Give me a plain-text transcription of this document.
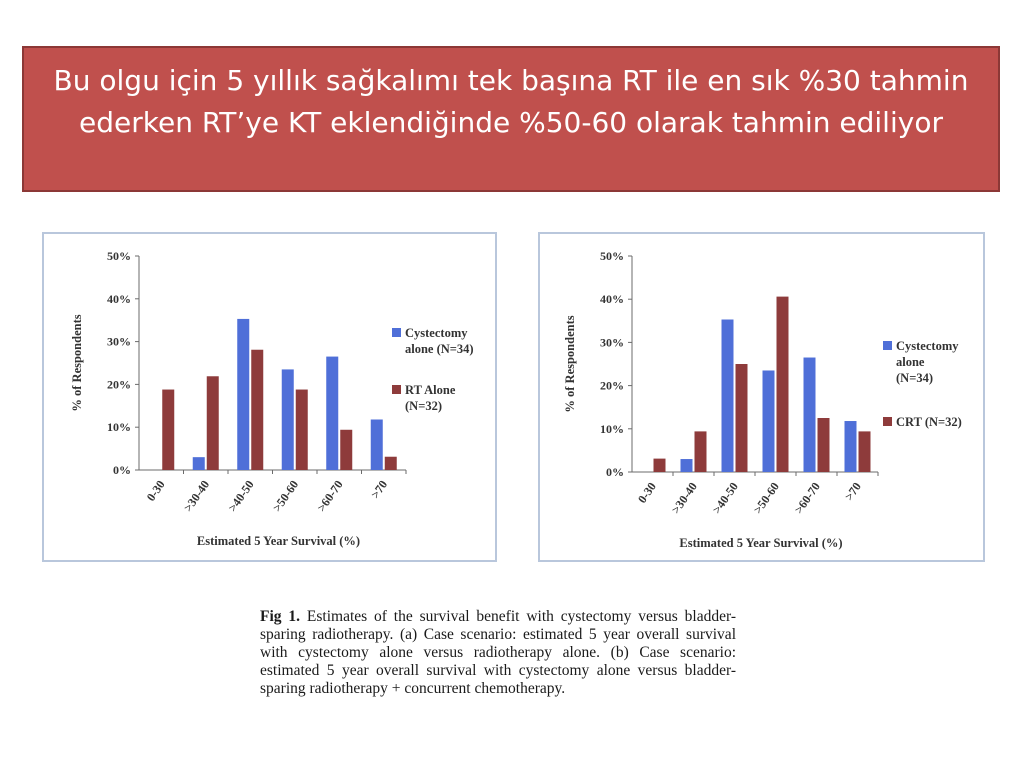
Bu olgu için 5 yıllık sağkalımı tek başına RT ile en sık %30 tahmin ederken RT’ye KT eklendiğinde %50-60 olarak tahmin ediliyor
0%
10%
20%
30%
40%
50%
% of Respondents
0-30 >30-40 >40-50 >50-60 >60-70 >70
Estimated 5 Year Survival (%)
Cystectomy
alone (N=34)
RT Alone
(N=32)
0%
10%
20%
30%
40%
50%
% of Respondents
0-30 >30-40 >40-50 >50-60 >60-70 >70
Estimated 5 Year Survival (%)
Cystectomy
alone
(N=34)
CRT (N=32)
Fig 1. Estimates of the survival benefit with cystectomy versus bladder-sparing radiotherapy. (a) Case scenario: estimated 5 year overall survival with cystectomy alone versus radiotherapy alone. (b) Case scenario: estimated 5 year overall survival with cystectomy alone versus bladder-sparing radiotherapy + concurrent chemotherapy.
